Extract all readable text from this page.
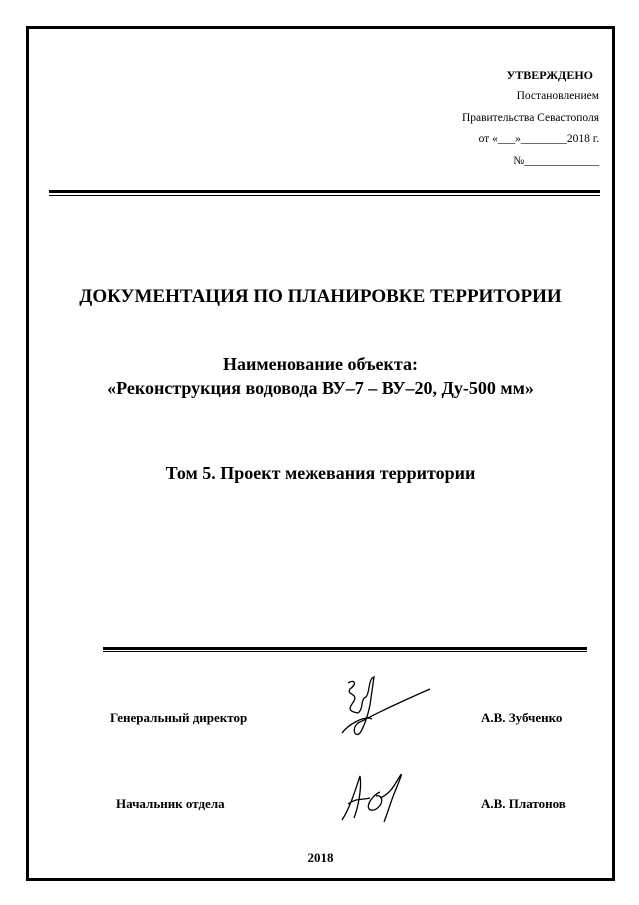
УТВЕРЖДЕНО
Постановлением
Правительства Севастополя
от «___»________2018 г.
№_____________
ДОКУМЕНТАЦИЯ ПО ПЛАНИРОВКЕ ТЕРРИТОРИИ
Наименование объекта:
«Реконструкция водовода ВУ–7 – ВУ–20, Ду-500 мм»
Том 5. Проект межевания территории
Генеральный директор	А.В. Зубченко
Начальник отдела	А.В. Платонов
2018
